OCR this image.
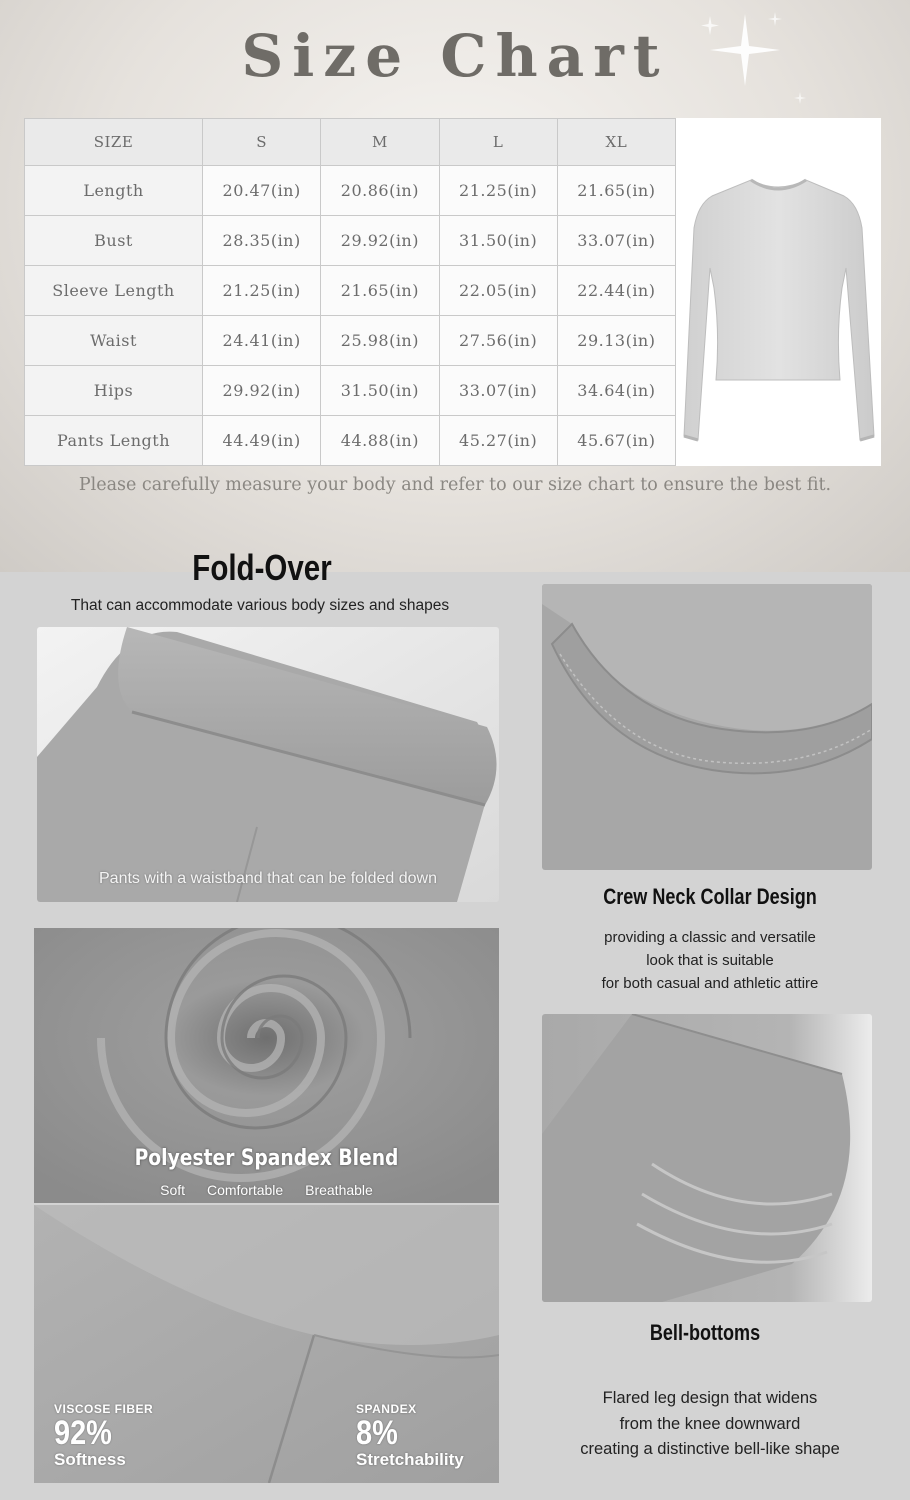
Size Chart
SIZE	S	M	L	XL
Length	20.47(in)	20.86(in)	21.25(in)	21.65(in)
Bust	28.35(in)	29.92(in)	31.50(in)	33.07(in)
Sleeve Length	21.25(in)	21.65(in)	22.05(in)	22.44(in)
Waist	24.41(in)	25.98(in)	27.56(in)	29.13(in)
Hips	29.92(in)	31.50(in)	33.07(in)	34.64(in)
Pants Length	44.49(in)	44.88(in)	45.27(in)	45.67(in)
Please carefully measure your body and refer to our size chart to ensure the best fit.
Fold-Over
That can accommodate various body sizes and shapes
Pants with a waistband that can be folded down
Crew Neck Collar Design
providing a classic and versatile
look that is suitable
for both casual and athletic attire
Polyester Spandex Blend
Soft Comfortable Breathable
VISCOSE FIBER
92%
Softness
SPANDEX
8%
Stretchability
Bell-bottoms
Flared leg design that widens
from the knee downward
creating a distinctive bell-like shape
